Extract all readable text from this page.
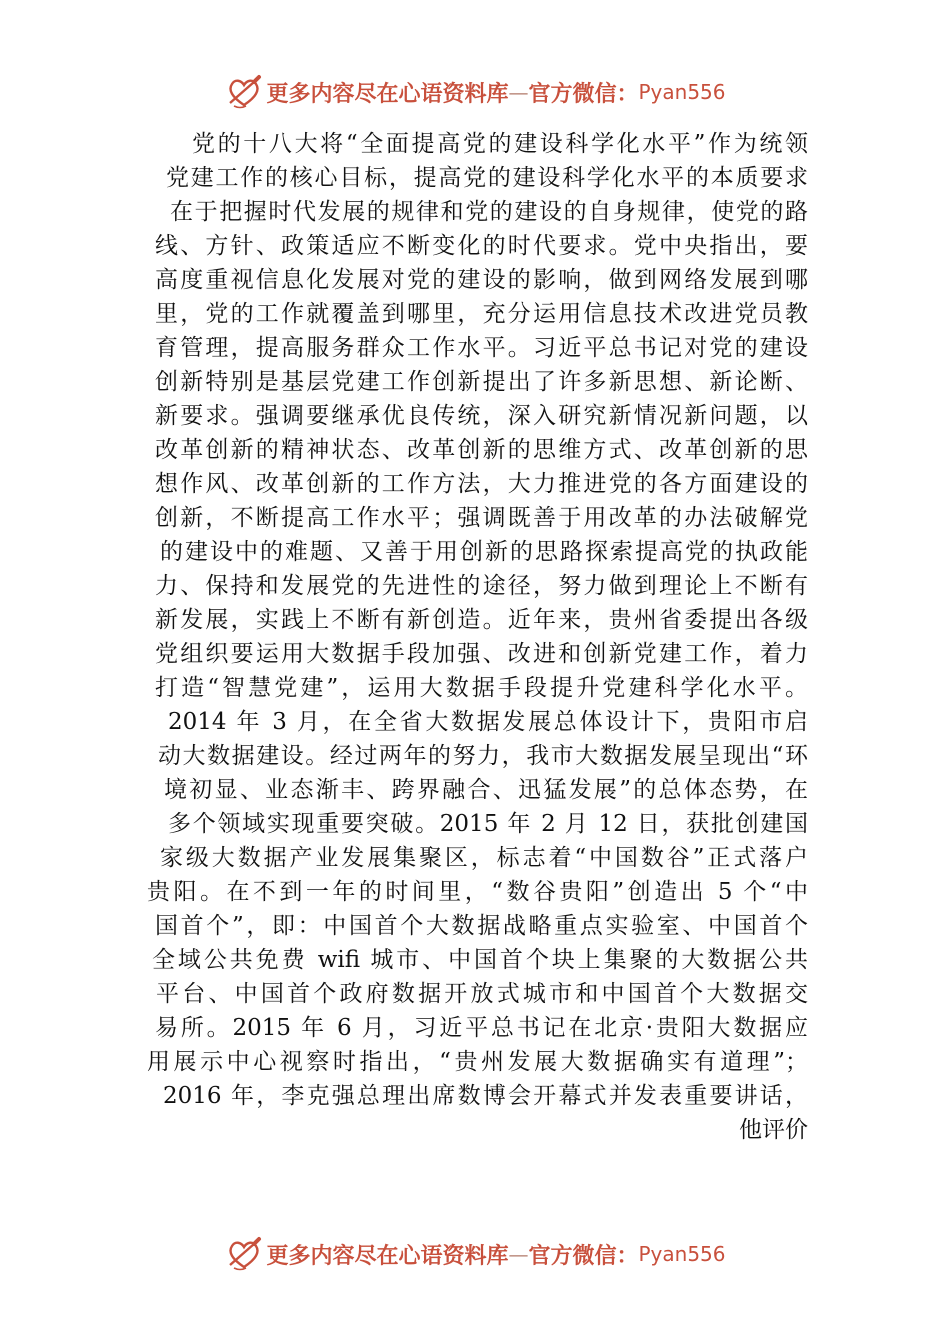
更多内容尽在心语资料库 — 官方微信： Pyan556
党的十八大将“全面提高党的建设科学化水平”作为统领
党建工作的核心目标，提高党的建设科学化水平的本质要求
在于把握时代发展的规律和党的建设的自身规律，使党的路
线、方针、政策适应不断变化的时代要求。党中央指出，要
高度重视信息化发展对党的建设的影响，做到网络发展到哪
里，党的工作就覆盖到哪里，充分运用信息技术改进党员教
育管理，提高服务群众工作水平。习近平总书记对党的建设
创新特别是基层党建工作创新提出了许多新思想、新论断、
新要求。强调要继承优良传统，深入研究新情况新问题，以
改革创新的精神状态、改革创新的思维方式、改革创新的思
想作风、改革创新的工作方法，大力推进党的各方面建设的
创新，不断提高工作水平；强调既善于用改革的办法破解党
的建设中的难题、又善于用创新的思路探索提高党的执政能
力、保持和发展党的先进性的途径，努力做到理论上不断有
新发展，实践上不断有新创造。近年来，贵州省委提出各级
党组织要运用大数据手段加强、改进和创新党建工作，着力
打造“智慧党建”，运用大数据手段提升党建科学化水平。
2014 年 3 月，在全省大数据发展总体设计下，贵阳市启
动大数据建设。经过两年的努力，我市大数据发展呈现出“环
境初显、业态渐丰、跨界融合、迅猛发展”的总体态势，在
多个领域实现重要突破。2015 年 2 月 12 日，获批创建国
家级大数据产业发展集聚区，标志着“中国数谷”正式落户
贵阳。在不到一年的时间里，“数谷贵阳”创造出 5 个“中
国首个”，即：中国首个大数据战略重点实验室、中国首个
全域公共免费 wifi 城市、中国首个块上集聚的大数据公共
平台、中国首个政府数据开放式城市和中国首个大数据交
易所。2015 年 6 月，习近平总书记在北京·贵阳大数据应
用展示中心视察时指出，“贵州发展大数据确实有道理”；
2016 年，李克强总理出席数博会开幕式并发表重要讲话，
他评价
更多内容尽在心语资料库 — 官方微信： Pyan556
